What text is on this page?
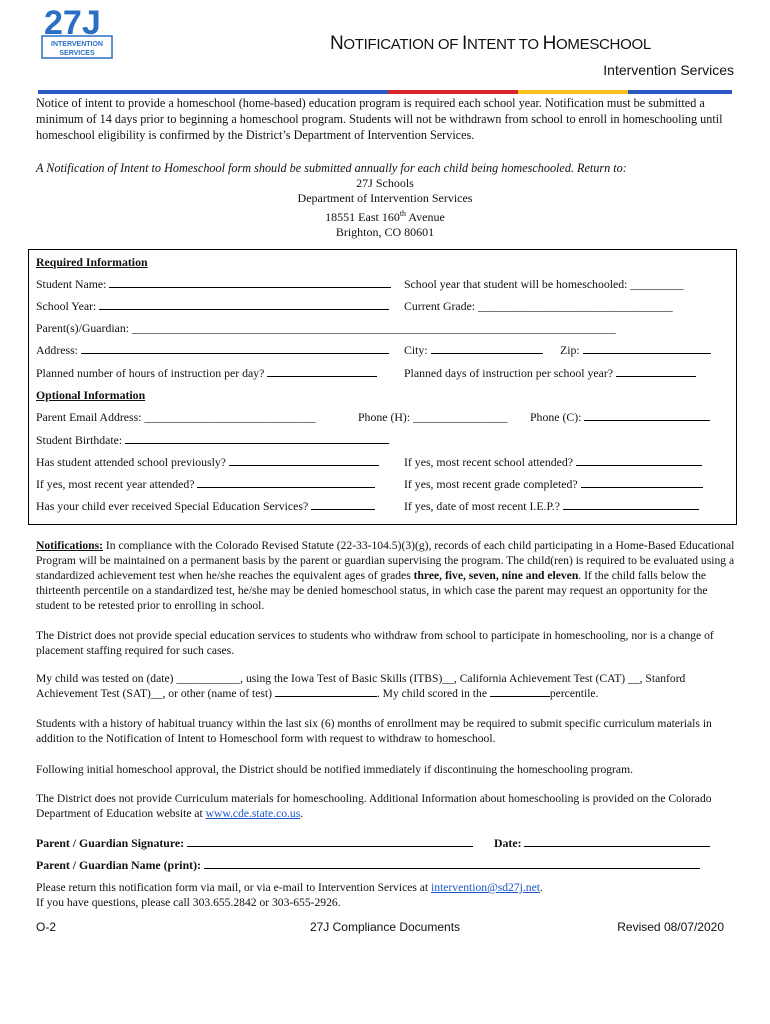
27J
INTERVENTION
SERVICES	NOTIFICATION OF INTENT TO HOMESCHOOL
Intervention Services
Notice of intent to provide a homeschool (home-based) education program is required each school year. Notification must be submitted a minimum of 14 days prior to beginning a homeschool program. Students will not be withdrawn from school to enroll in homeschooling until homeschool eligibility is confirmed by the District’s Department of Intervention Services.
A Notification of Intent to Homeschool form should be submitted annually for each child being homeschooled. Return to:
27J Schools
Department of Intervention Services
18551 East 160th Avenue
Brighton, CO 80601
Required Information
Student Name:	School year that student will be homeschooled: _________
School Year:	Current Grade: _________________________________
Parent(s)/Guardian: __________________________________________________________________________________
Address:	City:	Zip:
Planned number of hours of instruction per day?	Planned days of instruction per school year?
Optional Information
Parent Email Address: _____________________________	Phone (H): ________________ Phone (C):
Student Birthdate:
Has student attended school previously?	If yes, most recent school attended?
If yes, most recent year attended?	If yes, most recent grade completed?
Has your child ever received Special Education Services?	If yes, date of most recent I.E.P.?
Notifications: In compliance with the Colorado Revised Statute (22-33-104.5)(3)(g), records of each child participating in a Home-Based Educational Program will be maintained on a permanent basis by the parent or guardian supervising the program. The child(ren) is required to be evaluated using a standardized achievement test when he/she reaches the equivalent ages of grades three, five, seven, nine and eleven. If the child falls below the thirteenth percentile on a standardized test, he/she may be denied homeschool status, in which case the parent may request an opportunity for the student to be retested prior to enrolling in school.
The District does not provide special education services to students who withdraw from school to participate in homeschooling, nor is a change of placement staffing required for such cases.
My child was tested on (date) ___________, using the Iowa Test of Basic Skills (ITBS)__, California Achievement Test (CAT) __, Stanford Achievement Test (SAT)__, or other (name of test)	. My child scored in the	percentile.
Students with a history of habitual truancy within the last six (6) months of enrollment may be required to submit specific curriculum materials in addition to the Notification of Intent to Homeschool form with request to withdraw to homeschool.
Following initial homeschool approval, the District should be notified immediately if discontinuing the homeschooling program.
The District does not provide Curriculum materials for homeschooling. Additional Information about homeschooling is provided on the Colorado Department of Education website at www.cde.state.co.us.
Parent / Guardian Signature:	Date:
Parent / Guardian Name (print):
Please return this notification form via mail, or via e-mail to Intervention Services at intervention@sd27j.net.
If you have questions, please call 303.655.2842 or 303-655-2926.
O-2	27J Compliance Documents	Revised 08/07/2020
